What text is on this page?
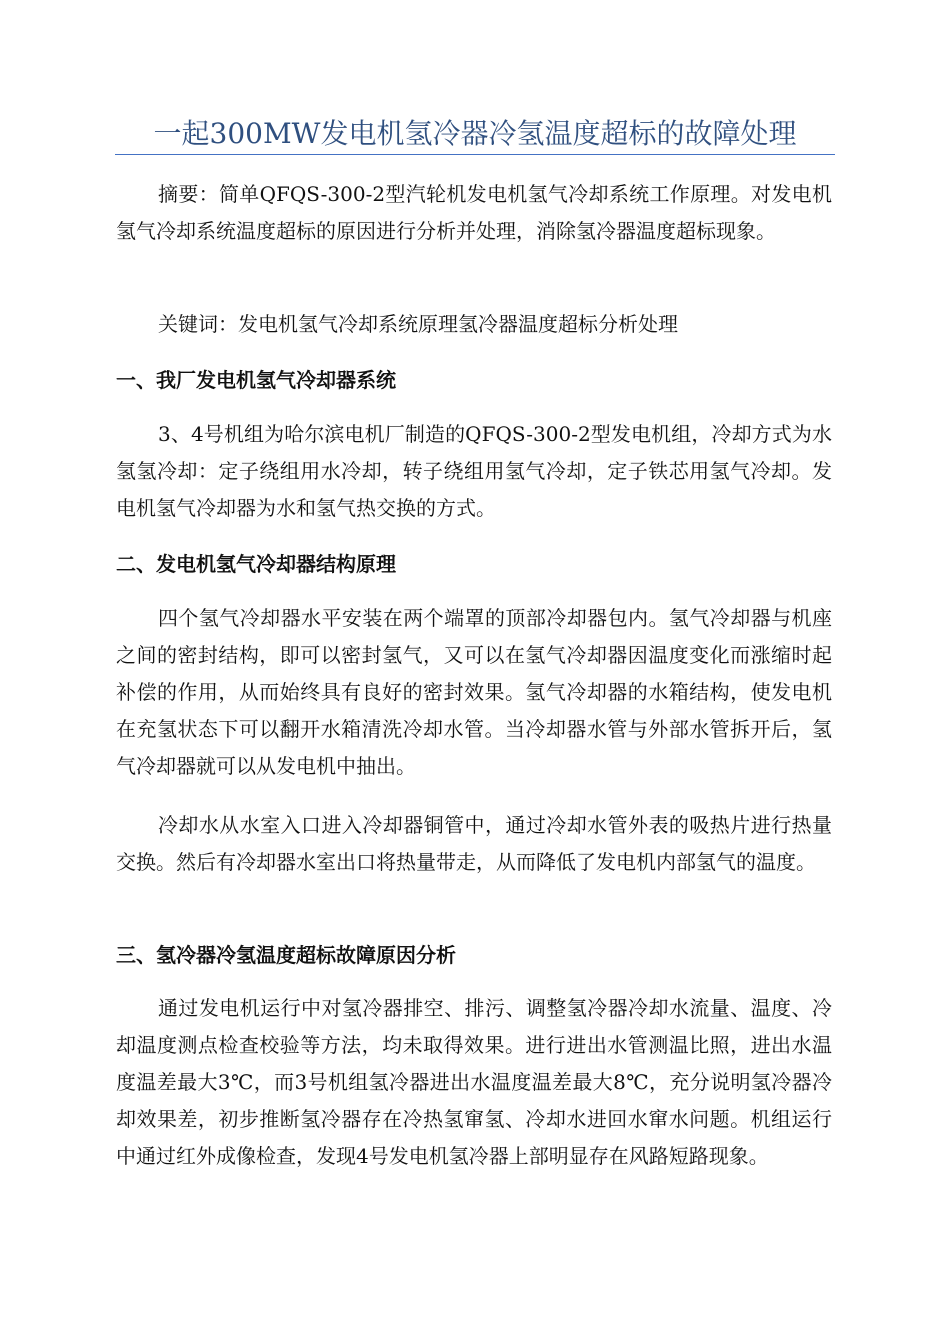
一起300MW发电机氢冷器冷氢温度超标的故障处理

摘要：简单QFQS-300-2型汽轮机发电机氢气冷却系统工作原理。对发电机氢气冷却系统温度超标的原因进行分析并处理，消除氢冷器温度超标现象。

关键词：发电机氢气冷却系统原理氢冷器温度超标分析处理

一、我厂发电机氢气冷却器系统

3、4号机组为哈尔滨电机厂制造的QFQS-300-2型发电机组，冷却方式为水氢氢冷却：定子绕组用水冷却，转子绕组用氢气冷却，定子铁芯用氢气冷却。发电机氢气冷却器为水和氢气热交换的方式。

二、发电机氢气冷却器结构原理

四个氢气冷却器水平安装在两个端罩的顶部冷却器包内。氢气冷却器与机座之间的密封结构，即可以密封氢气，又可以在氢气冷却器因温度变化而涨缩时起补偿的作用，从而始终具有良好的密封效果。氢气冷却器的水箱结构，使发电机在充氢状态下可以翻开水箱清洗冷却水管。当冷却器水管与外部水管拆开后，氢气冷却器就可以从发电机中抽出。

冷却水从水室入口进入冷却器铜管中，通过冷却水管外表的吸热片进行热量交换。然后有冷却器水室出口将热量带走，从而降低了发电机内部氢气的温度。

三、氢冷器冷氢温度超标故障原因分析

通过发电机运行中对氢冷器排空、排污、调整氢冷器冷却水流量、温度、冷却温度测点检查校验等方法，均未取得效果。进行进出水管测温比照，进出水温度温差最大3℃，而3号机组氢冷器进出水温度温差最大8℃，充分说明氢冷器冷却效果差，初步推断氢冷器存在冷热氢窜氢、冷却水进回水窜水问题。机组运行中通过红外成像检查，发现4号发电机氢冷器上部明显存在风路短路现象。
